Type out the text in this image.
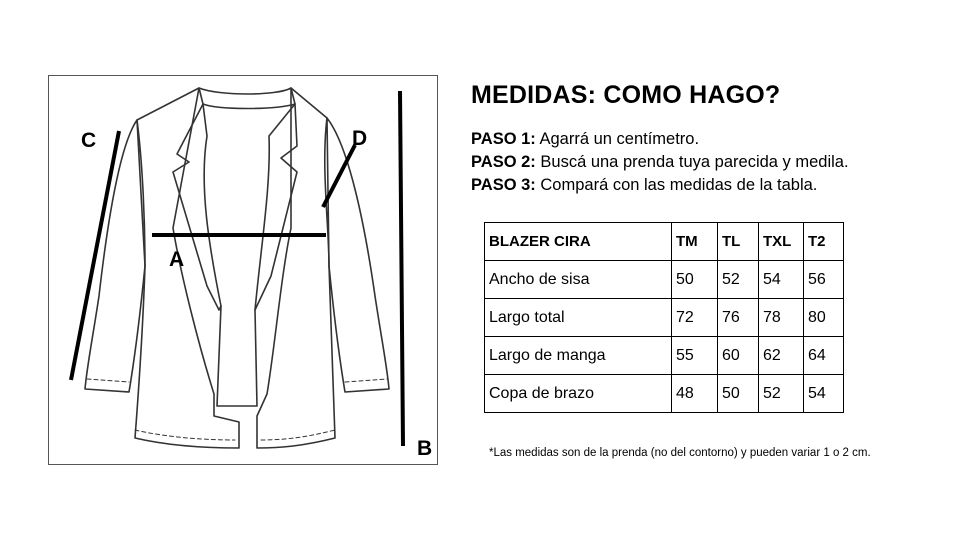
C	D
A
B
MEDIDAS: COMO HAGO?
PASO 1: Agarrá un centímetro.
PASO 2: Buscá una prenda tuya parecida y medila.
PASO 3: Compará con las medidas de la tabla.
BLAZER CIRA	TM	TL	TXL	T2
Ancho de sisa	50	52	54	56
Largo total	72	76	78	80
Largo de manga	55	60	62	64
Copa de brazo	48	50	52	54
*Las medidas son de la prenda (no del contorno) y pueden variar 1 o 2 cm.
